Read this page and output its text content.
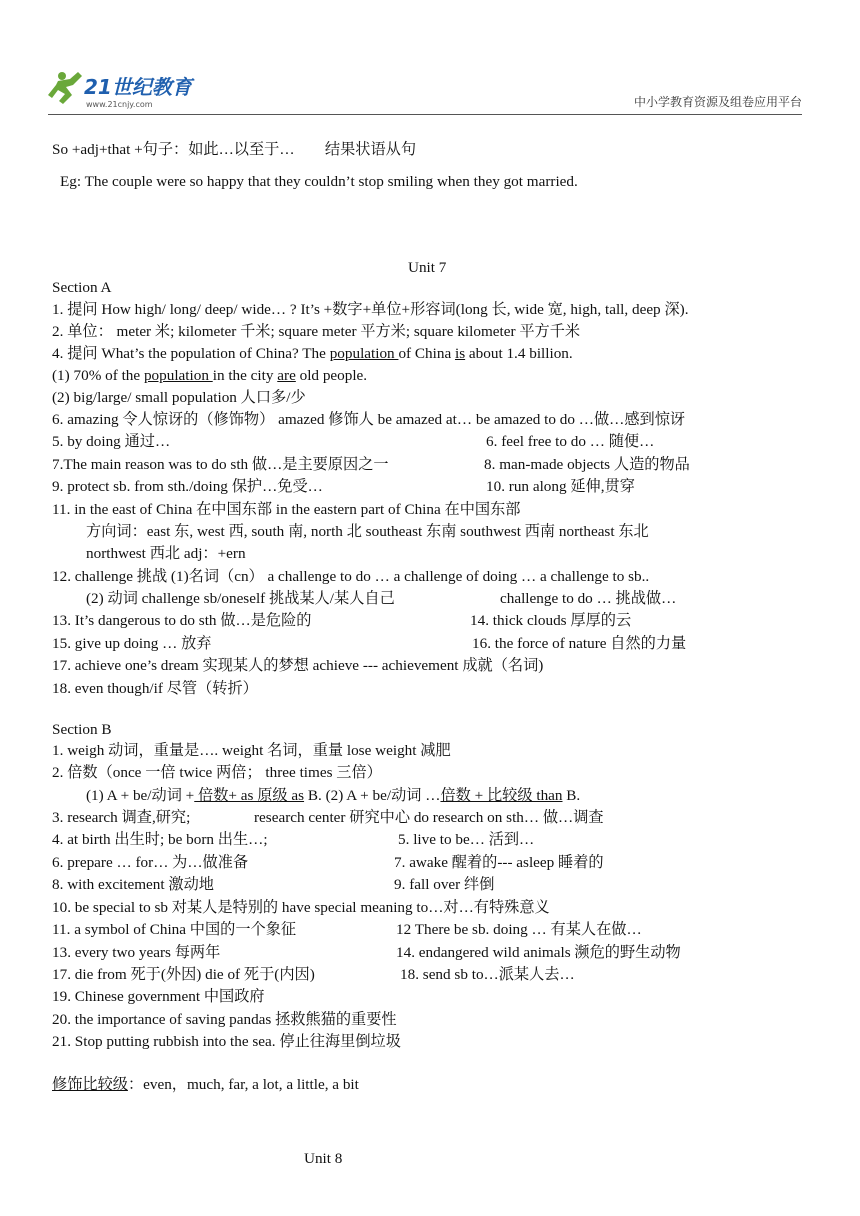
21世纪教育
www.21cnjy.com	中小学教育资源及组卷应用平台
So +adj+that +句子：如此…以至于…　　结果状语从句
Eg: The couple were so happy that they couldn’t stop smiling when they got married.
Unit 7
Section A
1. 提问 How high/ long/ deep/ wide… ? It’s +数字+单位+形容词(long 长, wide 宽, high, tall, deep 深).
2. 单位： meter 米; kilometer 千米; square meter 平方米; square kilometer 平方千米
4. 提问 What’s the population of China? The population of China is about 1.4 billion.
(1) 70% of the population in the city are old people.
(2) big/large/ small population 人口多/少
6. amazing 令人惊讶的（修饰物） amazed 修饰人 be amazed at… be amazed to do …做…感到惊讶
5. by doing 通过…	6. feel free to do … 随便…
7.The main reason was to do sth 做…是主要原因之一	8. man-made objects 人造的物品
9. protect sb. from sth./doing 保护…免受…	10. run along 延伸,贯穿
11. in the east of China 在中国东部 in the eastern part of China 在中国东部
方向词：east 东, west 西, south 南, north 北 southeast 东南 southwest 西南 northeast 东北
northwest 西北 adj：+ern
12. challenge 挑战 (1)名词（cn） a challenge to do … a challenge of doing … a challenge to sb..
(2) 动词 challenge sb/oneself 挑战某人/某人自己	challenge to do … 挑战做…
13. It’s dangerous to do sth 做…是危险的	14. thick clouds 厚厚的云
15. give up doing … 放弃	16. the force of nature 自然的力量
17. achieve one’s dream 实现某人的梦想 achieve --- achievement 成就（名词)
18. even though/if 尽管（转折）
Section B
1. weigh 动词，重量是…. weight 名词，重量 lose weight 减肥
2. 倍数（once 一倍 twice 两倍； three times 三倍）
(1) A + be/动词 + 倍数+ as 原级 as B. (2) A + be/动词 …倍数 + 比较级 than B.
3. research 调查,研究;	research center 研究中心 do research on sth… 做…调查
4. at birth 出生时; be born 出生…;	5. live to be… 活到…
6. prepare … for… 为…做准备	7. awake 醒着的--- asleep 睡着的
8. with excitement 激动地	9. fall over 绊倒
10. be special to sb 对某人是特别的 have special meaning to…对…有特殊意义
11. a symbol of China 中国的一个象征	12 There be sb. doing … 有某人在做…
13. every two years 每两年	14. endangered wild animals 濒危的野生动物
17. die from 死于(外因) die of 死于(内因)	18. send sb to…派某人去…
19. Chinese government 中国政府
20. the importance of saving pandas 拯救熊猫的重要性
21. Stop putting rubbish into the sea. 停止往海里倒垃圾
修饰比较级：even，much, far, a lot, a little, a bit
Unit 8
